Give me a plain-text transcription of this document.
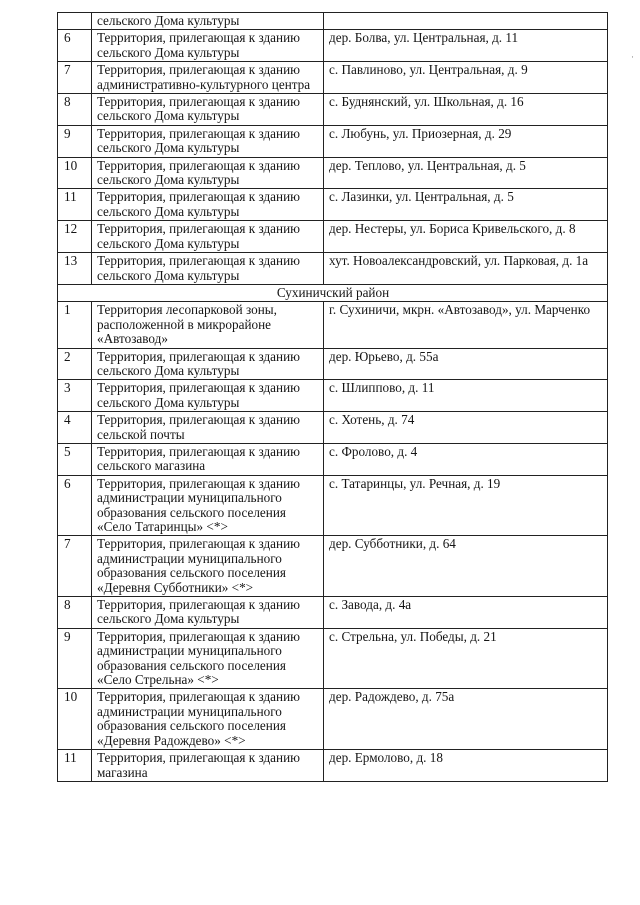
	сельского Дома культуры	
6	Территория, прилегающая к зданию сельского Дома культуры	дер. Болва, ул. Центральная, д. 11
7	Территория, прилегающая к зданию административно-культурного центра	с. Павлиново, ул. Центральная, д. 9
8	Территория, прилегающая к зданию сельского Дома культуры	с. Буднянский, ул. Школьная, д. 16
9	Территория, прилегающая к зданию сельского Дома культуры	с. Любунь, ул. Приозерная, д. 29
10	Территория, прилегающая к зданию сельского Дома культуры	дер. Теплово, ул. Центральная, д. 5
11	Территория, прилегающая к зданию сельского Дома культуры	с. Лазинки, ул. Центральная, д. 5
12	Территория, прилегающая к зданию сельского Дома культуры	дер. Нестеры, ул. Бориса Кривельского, д. 8
13	Территория, прилегающая к зданию сельского Дома культуры	хут. Новоалександровский, ул. Парковая, д. 1а
Сухиничский район		
1	Территория лесопарковой зоны, расположенной в микрорайоне «Автозавод»	г. Сухиничи, мкрн. «Автозавод», ул. Марченко
2	Территория, прилегающая к зданию сельского Дома культуры	дер. Юрьево, д. 55а
3	Территория, прилегающая к зданию сельского Дома культуры	с. Шлиппово, д. 11
4	Территория, прилегающая к зданию сельской почты	с. Хотень, д. 74
5	Территория, прилегающая к зданию сельского магазина	с. Фролово, д. 4
6	Территория, прилегающая к зданию администрации муниципального образования сельского поселения «Село Татаринцы» <*>	с. Татаринцы, ул. Речная, д. 19
7	Территория, прилегающая к зданию администрации муниципального образования сельского поселения «Деревня Субботники» <*>	дер. Субботники, д. 64
8	Территория, прилегающая к зданию сельского Дома культуры	с. Завода, д. 4а
9	Территория, прилегающая к зданию администрации муниципального образования сельского поселения «Село Стрельна» <*>	с. Стрельна, ул. Победы, д. 21
10	Территория, прилегающая к зданию администрации муниципального образования сельского поселения «Деревня Радождево» <*>	дер. Радождево, д. 75а
11	Территория, прилегающая к зданию магазина	дер. Ермолово, д. 18
·
